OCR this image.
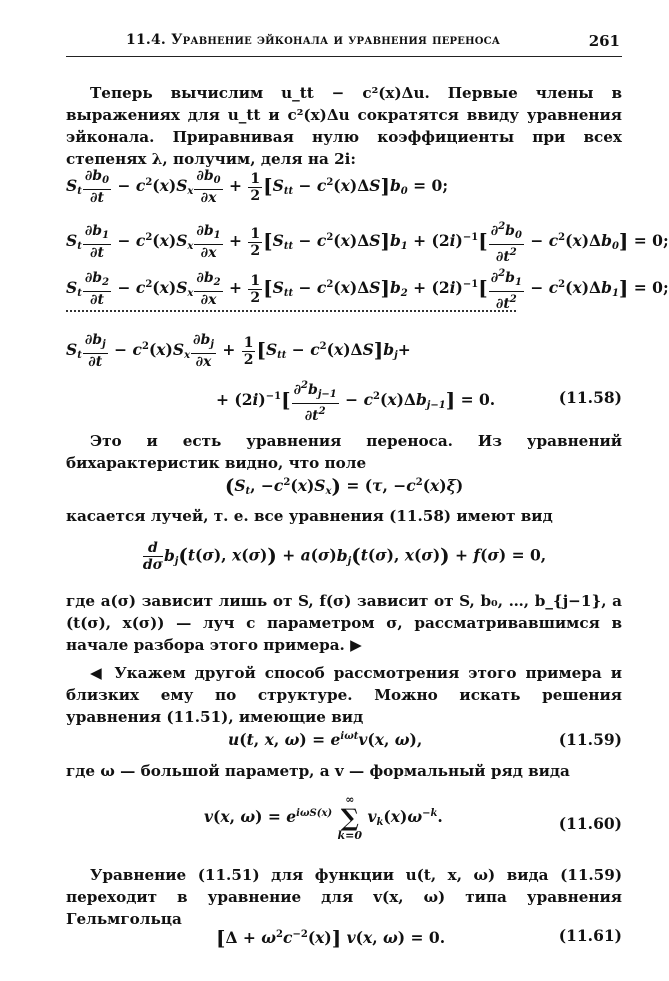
11.4. Уравнение эйконала и уравнения переноса	261
Теперь вычислим u_tt − c²(x)Δu. Первые члены в выражениях для u_tt и c²(x)Δu сократятся ввиду уравнения эйконала. Приравнивая нулю коэффициенты при всех степенях λ, получим, деля на 2i:
$S_t \frac{\partial b_0}{\partial t} - c^2(x)S_x \frac{\partial b_0}{\partial x} + \frac{1}{2} [S_{tt} - c^2(x)\Delta S]b_0 = 0$;
$S_t \frac{\partial b_1}{\partial t} - c^2(x)S_x \frac{\partial b_1}{\partial x} + \frac{1}{2} [S_{tt} - c^2(x)\Delta S]b_1 + (2i)^{-1}[ \frac{\partial^2b_0}{\partial t^2} - c^2(x)\Delta b_0] = 0$;
$S_t \frac{\partial b_2}{\partial t} - c^2(x)S_x \frac{\partial b_2}{\partial x} + \frac{1}{2} [S_{tt} - c^2(x)\Delta S]b_2 + (2i)^{-1}[ \frac{\partial^2b_1}{\partial t^2} - c^2(x)\Delta b_1] = 0$;
$S_t \frac{\partial b_j}{\partial t} - c^2(x)S_x \frac{\partial b_j}{\partial x} + \frac{1}{2} [S_{tt} - c^2(x)\Delta S]b_j+$
+ $(2i)^{-1}[ \frac{\partial^2b_{j-1}}{\partial t^2} - c^2(x)\Delta b_{j-1}] = 0$.	(11.58)
Это и есть уравнения переноса. Из уравнений бихарактеристик видно, что поле
($S_t$, $-c^2(x)S_x) = (\tau$, $-c^2(x)\xi$)
касается лучей, т. е. все уравнения (11.58) имеют вид
$\frac{d}{d\sigma} b_j(t(\sigma)$, $x(\sigma)) + a(\sigma)b_j(t(\sigma)$, x(σ)) + f(σ) = 0,
где a(σ) зависит лишь от S, f(σ) зависит от S, b₀, …, b_{j−1}, а (t(σ), x(σ)) — луч с параметром σ, рассматривавшимся в начале разбора этого примера. ▶
◀ Укажем другой способ рассмотрения этого примера и близких ему по структуре. Можно искать решения уравнения (11.51), имеющие вид
u(t, x, $\omega) = e^{i\omega t}v(x$, ω),	(11.59)
где ω — большой параметр, а v — формальный ряд вида
v(x, $\omega) = e^{i\omega S(x)}$
∞
∑
k=0
$v_k(x)\omega^{-k}$.	(11.60)
Уравнение (11.51) для функции u(t, x, ω) вида (11.59) переходит в уравнение для v(x, ω) типа уравнения Гельмгольца
$[\Delta + \omega^2c^{-2}(x)]$ v(x, ω) = 0.	(11.61)
